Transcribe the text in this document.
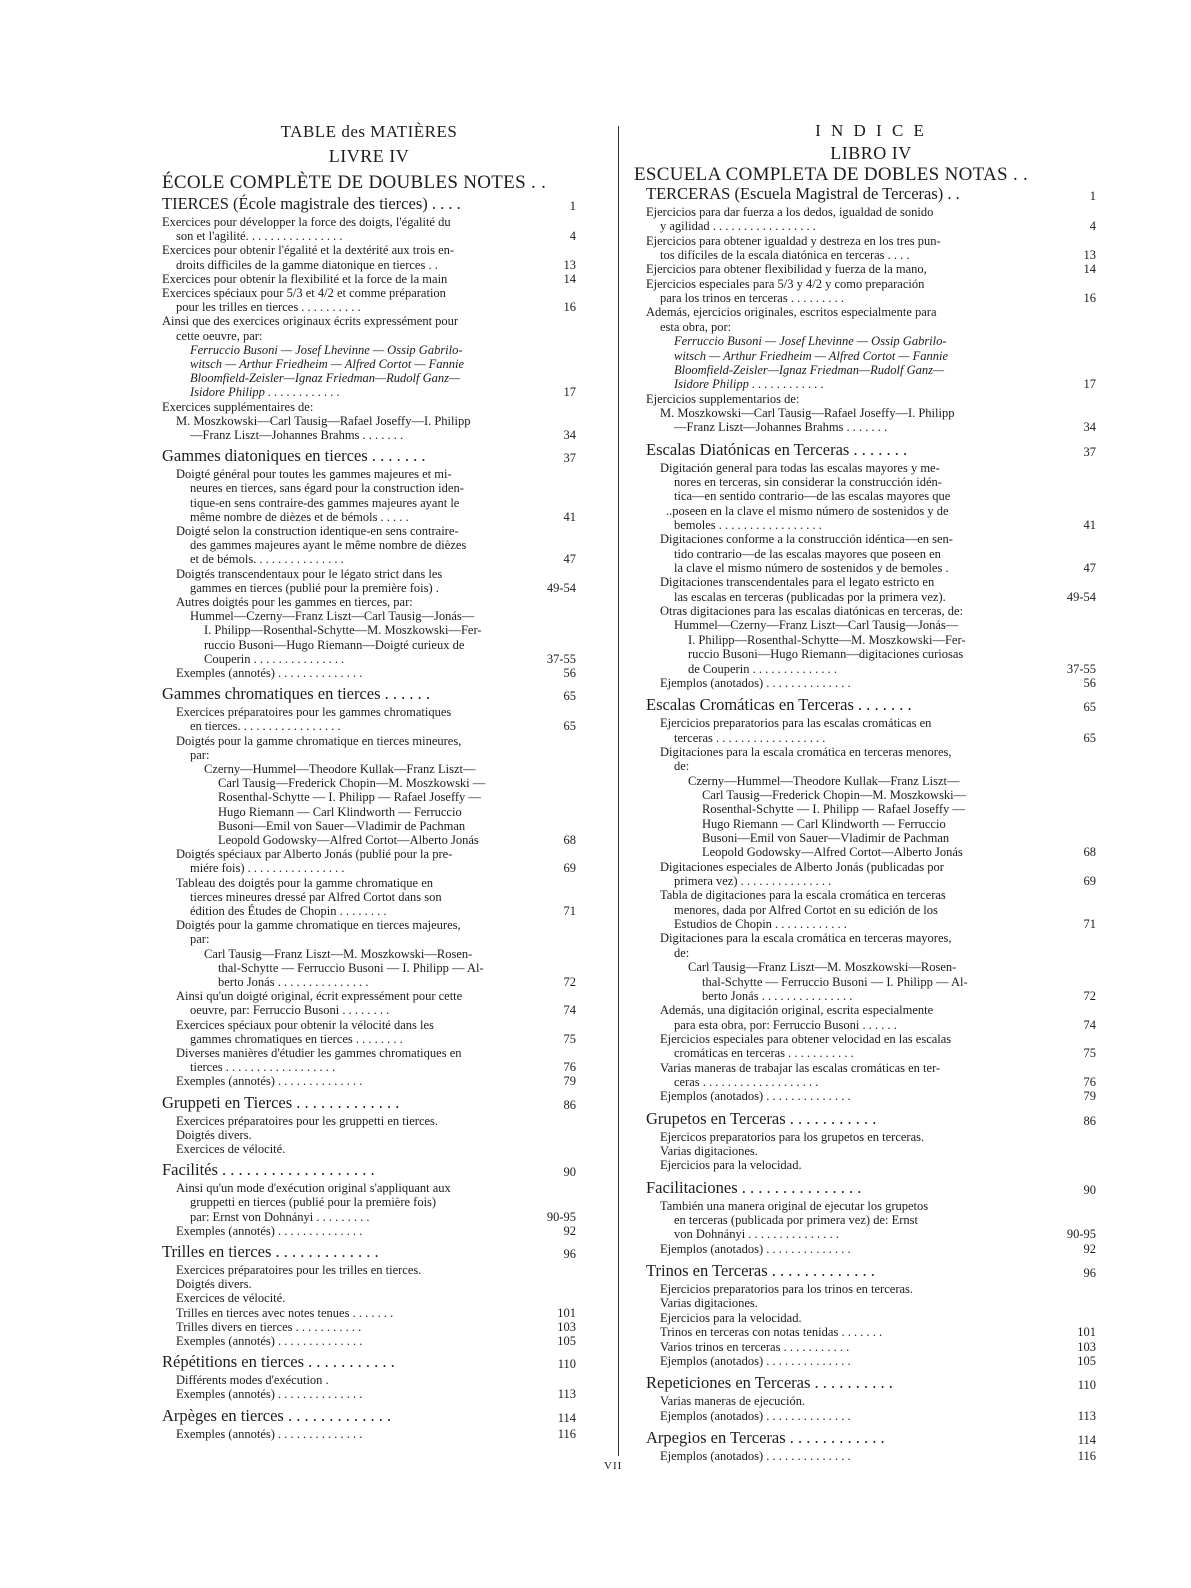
TABLE des MATIÈRES
LIVRE IV
ÉCOLE COMPLÈTE DE DOUBLES NOTES . .
TIERCES (École magistrale des tierces) . . . .	1
Exercices pour développer la force des doigts, l'égalité du
son et l'agilité. . . . . . . . . . . . . . . .	4
Exercices pour obtenir l'égalité et la dextérité aux trois en-
droits difficiles de la gamme diatonique en tierces . .	13
Exercices pour obtenir la flexibilité et la force de la main	14
Exercices spéciaux pour 5/3 et 4/2 et comme préparation
pour les trilles en tierces . . . . . . . . . .	16
Ainsi que des exercices originaux écrits expressément pour
cette oeuvre, par:
Ferruccio Busoni — Josef Lhevinne — Ossip Gabrilo-
witsch — Arthur Friedheim — Alfred Cortot — Fannie
Bloomfield-Zeisler—Ignaz Friedman—Rudolf Ganz—
Isidore Philipp . . . . . . . . . . . .	17
Exercices supplémentaires de:
M. Moszkowski—Carl Tausig—Rafael Joseffy—I. Philipp
—Franz Liszt—Johannes Brahms . . . . . . .	34
Gammes diatoniques en tierces . . . . . . .	37
Doigté général pour toutes les gammes majeures et mi-
neures en tierces, sans égard pour la construction iden-
tique-en sens contraire-des gammes majeures ayant le
même nombre de dièzes et de bémols . . . . .	41
Doigté selon la construction identique-en sens contraire-
des gammes majeures ayant le même nombre de dièzes
et de bémols. . . . . . . . . . . . . . .	47
Doigtés transcendentaux pour le légato strict dans les
gammes en tierces (publié pour la première fois) .	49-54
Autres doigtés pour les gammes en tierces, par:
Hummel—Czerny—Franz Liszt—Carl Tausig—Jonás—
I. Philipp—Rosenthal-Schytte—M. Moszkowski—Fer-
ruccio Busoni—Hugo Riemann—Doigté curieux de
Couperin . . . . . . . . . . . . . . .	37-55
Exemples (annotés) . . . . . . . . . . . . . .	56
Gammes chromatiques en tierces . . . . . .	65
Exercices préparatoires pour les gammes chromatiques
en tierces. . . . . . . . . . . . . . . . .	65
Doigtés pour la gamme chromatique en tierces mineures,
par:
Czerny—Hummel—Theodore Kullak—Franz Liszt—
Carl Tausig—Frederick Chopin—M. Moszkowski —
Rosenthal-Schytte — I. Philipp — Rafael Joseffy —
Hugo Riemann — Carl Klindworth — Ferruccio
Busoni—Emil von Sauer—Vladimir de Pachman
Leopold Godowsky—Alfred Cortot—Alberto Jonás	68
Doigtés spéciaux par Alberto Jonás (publié pour la pre-
miére fois) . . . . . . . . . . . . . . . .	69
Tableau des doigtés pour la gamme chromatique en
tierces mineures dressé par Alfred Cortot dans son
édition des Études de Chopin . . . . . . . .	71
Doigtés pour la gamme chromatique en tierces majeures,
par:
Carl Tausig—Franz Liszt—M. Moszkowski—Rosen-
thal-Schytte — Ferruccio Busoni — I. Philipp — Al-
berto Jonás . . . . . . . . . . . . . . .	72
Ainsi qu'un doigté original, écrit expressément pour cette
oeuvre, par: Ferruccio Busoni . . . . . . . .	74
Exercices spéciaux pour obtenir la vélocité dans les
gammes chromatiques en tierces . . . . . . . .	75
Diverses manières d'étudier les gammes chromatiques en
tierces . . . . . . . . . . . . . . . . . .	76
Exemples (annotés) . . . . . . . . . . . . . .	79
Gruppeti en Tierces . . . . . . . . . . . . .	86
Exercices préparatoires pour les gruppetti en tierces.
Doigtés divers.
Exercices de vélocité.
Facilités . . . . . . . . . . . . . . . . . . .	90
Ainsi qu'un mode d'exécution original s'appliquant aux
gruppetti en tierces (publié pour la première fois)
par: Ernst von Dohnányi . . . . . . . . .	90-95
Exemples (annotés) . . . . . . . . . . . . . .	92
Trilles en tierces . . . . . . . . . . . . .	96
Exercices préparatoires pour les trilles en tierces.
Doigtés divers.
Exercices de vélocité.
Trilles en tierces avec notes tenues . . . . . . .	101
Trilles divers en tierces . . . . . . . . . . .	103
Exemples (annotés) . . . . . . . . . . . . . .	105
Répétitions en tierces . . . . . . . . . . .	110
Différents modes d'exécution .
Exemples (annotés) . . . . . . . . . . . . . .	113
Arpèges en tierces . . . . . . . . . . . . .	114
Exemples (annotés) . . . . . . . . . . . . . .	116
I N D I C E
LIBRO IV
ESCUELA COMPLETA DE DOBLES NOTAS . .
TERCERAS (Escuela Magistral de Terceras) . .	1
Ejercicios para dar fuerza a los dedos, igualdad de sonido
y agilidad . . . . . . . . . . . . . . . . .	4
Ejercicios para obtener igualdad y destreza en los tres pun-
tos difíciles de la escala diatónica en terceras . . . .	13
Ejercicios para obtener flexibilidad y fuerza de la mano,	14
Ejercicios especiales para 5/3 y 4/2 y como preparación
para los trinos en terceras . . . . . . . . .	16
Además, ejercicios originales, escritos especialmente para
esta obra, por:
Ferruccio Busoni — Josef Lhevinne — Ossip Gabrilo-
witsch — Arthur Friedheim — Alfred Cortot — Fannie
Bloomfield-Zeisler—Ignaz Friedman—Rudolf Ganz—
Isidore Philipp . . . . . . . . . . . .	17
Ejercicios supplementarios de:
M. Moszkowski—Carl Tausig—Rafael Joseffy—I. Philipp
—Franz Liszt—Johannes Brahms . . . . . . .	34
Escalas Diatónicas en Terceras . . . . . . .	37
Digitación general para todas las escalas mayores y me-
nores en terceras, sin considerar la construcción idén-
tica—en sentido contrario—de las escalas mayores que
..poseen en la clave el mismo número de sostenidos y de
bemoles . . . . . . . . . . . . . . . . .	41
Digitaciones conforme a la construcción idéntica—en sen-
tido contrario—de las escalas mayores que poseen en
la clave el mismo número de sostenidos y de bemoles .	47
Digitaciones transcendentales para el legato estricto en
las escalas en terceras (publicadas por la primera vez).	49-54
Otras digitaciones para las escalas diatónicas en terceras, de:
Hummel—Czerny—Franz Liszt—Carl Tausig—Jonás—
I. Philipp—Rosenthal-Schytte—M. Moszkowski—Fer-
ruccio Busoni—Hugo Riemann—digitaciones curiosas
de Couperin . . . . . . . . . . . . . .	37-55
Ejemplos (anotados) . . . . . . . . . . . . . .	56
Escalas Cromáticas en Terceras . . . . . . .	65
Ejercicios preparatorios para las escalas cromáticas en
terceras . . . . . . . . . . . . . . . . . .	65
Digitaciones para la escala cromática en terceras menores,
de:
Czerny—Hummel—Theodore Kullak—Franz Liszt—
Carl Tausig—Frederick Chopin—M. Moszkowski—
Rosenthal-Schytte — I. Philipp — Rafael Joseffy —
Hugo Riemann — Carl Klindworth — Ferruccio
Busoni—Emil von Sauer—Vladimir de Pachman
Leopold Godowsky—Alfred Cortot—Alberto Jonás	68
Digitaciones especiales de Alberto Jonás (publicadas por
primera vez) . . . . . . . . . . . . . . .	69
Tabla de digitaciones para la escala cromática en terceras
menores, dada por Alfred Cortot en su edición de los
Estudios de Chopin . . . . . . . . . . . .	71
Digitaciones para la escala cromática en terceras mayores,
de:
Carl Tausig—Franz Liszt—M. Moszkowski—Rosen-
thal-Schytte — Ferruccio Busoni — I. Philipp — Al-
berto Jonás . . . . . . . . . . . . . . .	72
Además, una digitación original, escrita especialmente
para esta obra, por: Ferruccio Busoni . . . . . .	74
Ejercicios especiales para obtener velocidad en las escalas
cromáticas en terceras . . . . . . . . . . .	75
Varias maneras de trabajar las escalas cromáticas en ter-
ceras . . . . . . . . . . . . . . . . . . .	76
Ejemplos (anotados) . . . . . . . . . . . . . .	79
Grupetos en Terceras . . . . . . . . . . .	86
Ejercicos preparatorios para los grupetos en terceras.
Varias digitaciones.
Ejercicios para la velocidad.
Facilitaciones . . . . . . . . . . . . . . .	90
También una manera original de ejecutar los grupetos
en terceras (publicada por primera vez) de: Ernst
von Dohnányi . . . . . . . . . . . . . . .	90-95
Ejemplos (anotados) . . . . . . . . . . . . . .	92
Trinos en Terceras . . . . . . . . . . . . .	96
Ejercicios preparatorios para los trinos en terceras.
Varias digitaciones.
Ejercicios para la velocidad.
Trinos en terceras con notas tenidas . . . . . . .	101
Varios trinos en terceras . . . . . . . . . . .	103
Ejemplos (anotados) . . . . . . . . . . . . . .	105
Repeticiones en Terceras . . . . . . . . . .	110
Varias maneras de ejecución.
Ejemplos (anotados) . . . . . . . . . . . . . .	113
Arpegios en Terceras . . . . . . . . . . . .	114
Ejemplos (anotados) . . . . . . . . . . . . . .	116
VII
